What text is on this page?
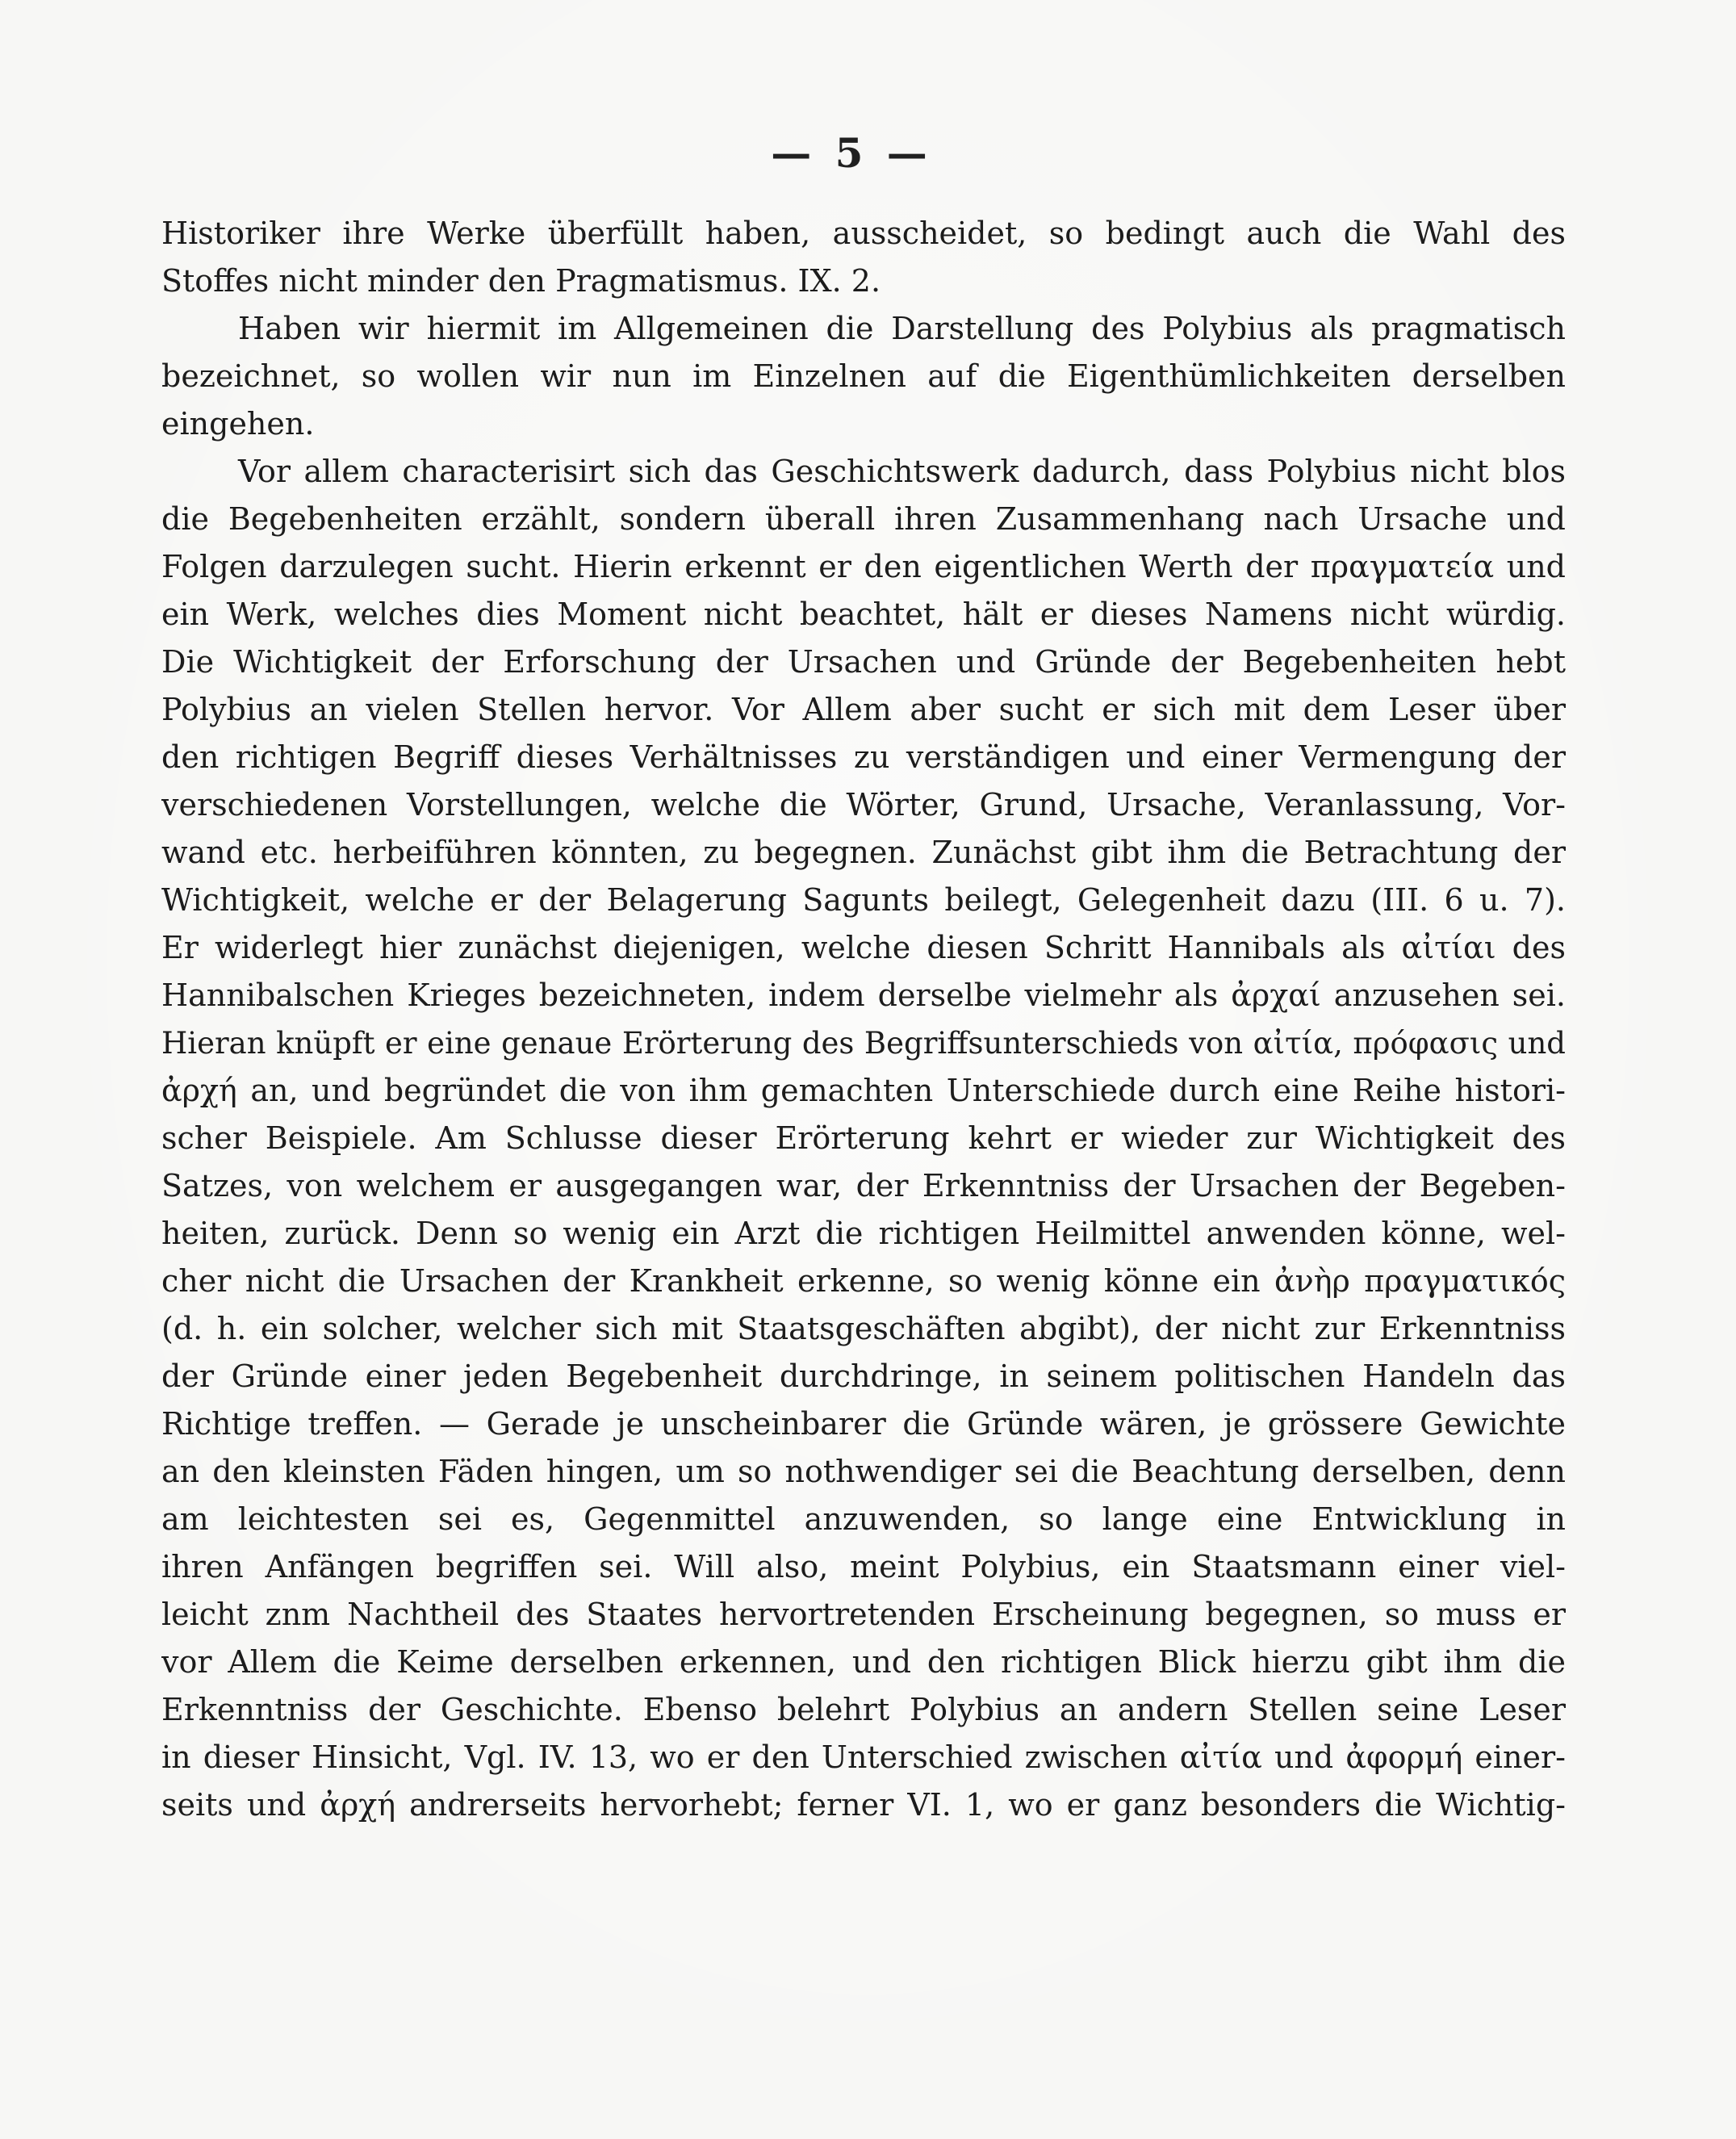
— 5 —
Historiker ihre Werke überfüllt haben, ausscheidet, so bedingt auch die Wahl des
Stoffes nicht minder den Pragmatismus. IX. 2.
Haben wir hiermit im Allgemeinen die Darstellung des Polybius als pragmatisch
bezeichnet, so wollen wir nun im Einzelnen auf die Eigenthümlichkeiten derselben
eingehen.
Vor allem characterisirt sich das Geschichtswerk dadurch, dass Polybius nicht blos
die Begebenheiten erzählt, sondern überall ihren Zusammenhang nach Ursache und
Folgen darzulegen sucht. Hierin erkennt er den eigentlichen Werth der πραγματεία und
ein Werk, welches dies Moment nicht beachtet, hält er dieses Namens nicht würdig.
Die Wichtigkeit der Erforschung der Ursachen und Gründe der Begebenheiten hebt
Polybius an vielen Stellen hervor. Vor Allem aber sucht er sich mit dem Leser über
den richtigen Begriff dieses Verhältnisses zu verständigen und einer Vermengung der
verschiedenen Vorstellungen, welche die Wörter, Grund, Ursache, Veranlassung, Vor-
wand etc. herbeiführen könnten, zu begegnen. Zunächst gibt ihm die Betrachtung der
Wichtigkeit, welche er der Belagerung Sagunts beilegt, Gelegenheit dazu (III. 6 u. 7).
Er widerlegt hier zunächst diejenigen, welche diesen Schritt Hannibals als αἰτίαι des
Hannibalschen Krieges bezeichneten, indem derselbe vielmehr als ἀρχαί anzusehen sei.
Hieran knüpft er eine genaue Erörterung des Begriffsunterschieds von αἰτία, πρόφασις und
ἀρχή an, und begründet die von ihm gemachten Unterschiede durch eine Reihe histori-
scher Beispiele. Am Schlusse dieser Erörterung kehrt er wieder zur Wichtigkeit des
Satzes, von welchem er ausgegangen war, der Erkenntniss der Ursachen der Begeben-
heiten, zurück. Denn so wenig ein Arzt die richtigen Heilmittel anwenden könne, wel-
cher nicht die Ursachen der Krankheit erkenne, so wenig könne ein ἀνὴρ πραγματικός
(d. h. ein solcher, welcher sich mit Staatsgeschäften abgibt), der nicht zur Erkenntniss
der Gründe einer jeden Begebenheit durchdringe, in seinem politischen Handeln das
Richtige treffen. — Gerade je unscheinbarer die Gründe wären, je grössere Gewichte
an den kleinsten Fäden hingen, um so nothwendiger sei die Beachtung derselben, denn
am leichtesten sei es, Gegenmittel anzuwenden, so lange eine Entwicklung in
ihren Anfängen begriffen sei. Will also, meint Polybius, ein Staatsmann einer viel-
leicht znm Nachtheil des Staates hervortretenden Erscheinung begegnen, so muss er
vor Allem die Keime derselben erkennen, und den richtigen Blick hierzu gibt ihm die
Erkenntniss der Geschichte. Ebenso belehrt Polybius an andern Stellen seine Leser
in dieser Hinsicht, Vgl. IV. 13, wo er den Unterschied zwischen αἰτία und ἀφορμή einer-
seits und ἀρχή andrerseits hervorhebt; ferner VI. 1, wo er ganz besonders die Wichtig-
